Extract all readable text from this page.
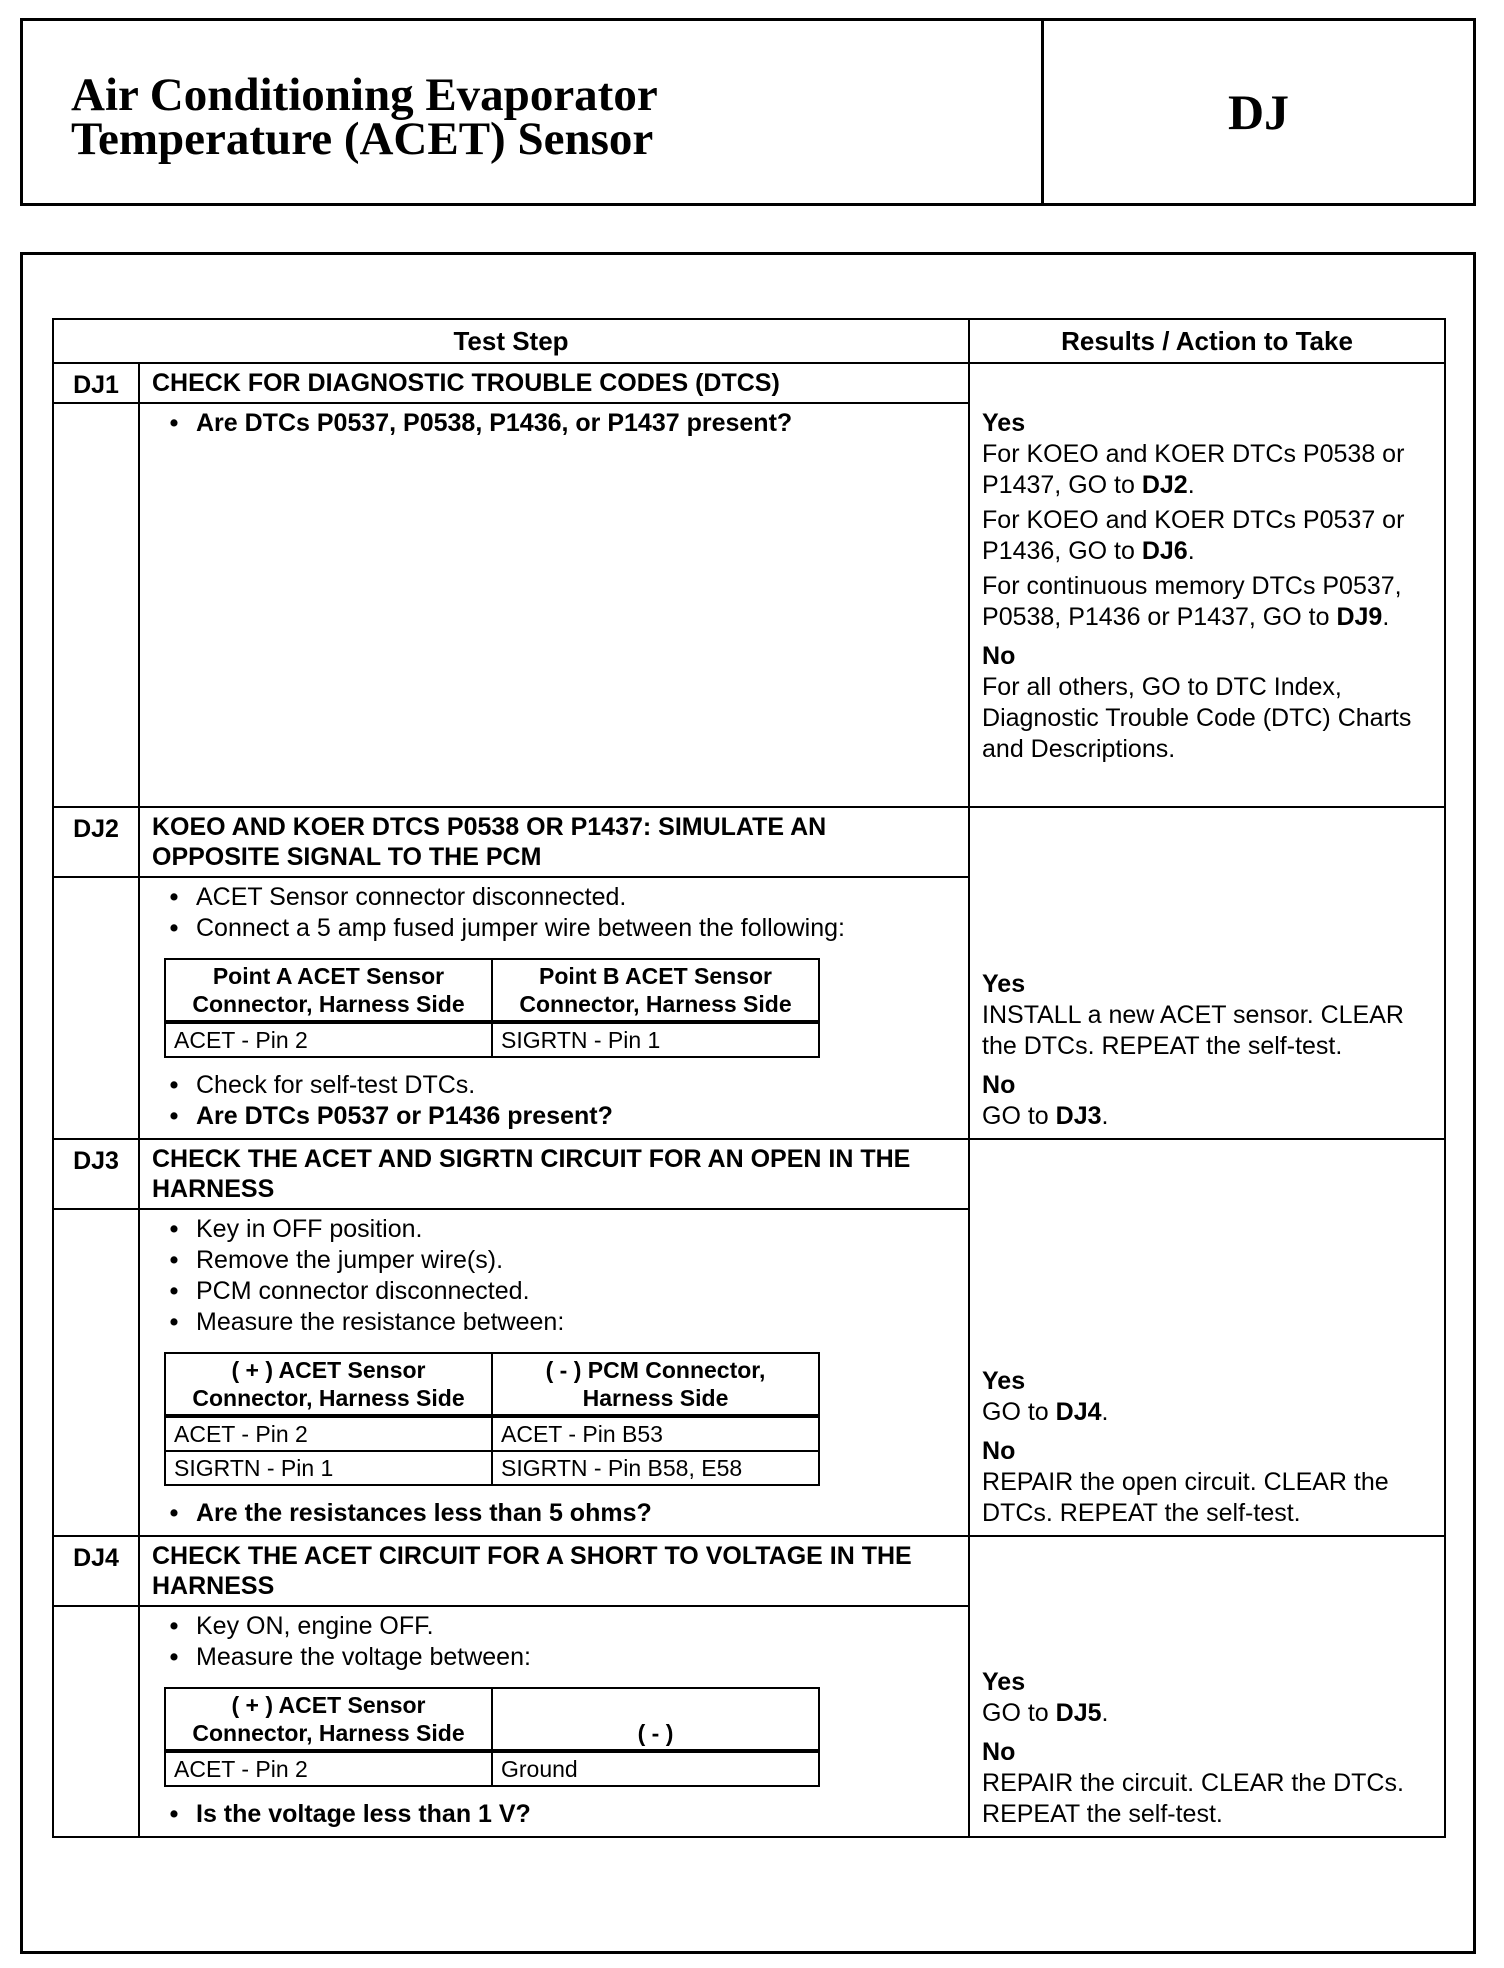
Air Conditioning Evaporator
Temperature (ACET) Sensor	DJ
Test Step	Results / Action to Take
DJ1	CHECK FOR DIAGNOSTIC TROUBLE CODES (DTCS)	
Yes
For KOEO and KOER DTCs P0538 or P1437, GO to DJ2.
For KOEO and KOER DTCs P0537 or P1436, GO to DJ6.
For continuous memory DTCs P0537, P0538, P1436 or P1437, GO to DJ9.
No
For all others, GO to DTC Index, Diagnostic Trouble Code (DTC) Charts and Descriptions.

• Are DTCs P0537, P0538, P1436, or P1437 present?

DJ2	KOEO AND KOER DTCS P0538 OR P1437: SIMULATE AN OPPOSITE SIGNAL TO THE PCM	
Yes
INSTALL a new ACET sensor. CLEAR the DTCs. REPEAT the self-test.
No
GO to DJ3.

• ACET Sensor connector disconnected.
• Connect a 5 amp fused jumper wire between the following:
Point A ACET Sensor Connector, Harness Side	Point B ACET Sensor Connector, Harness Side
ACET - Pin 2	SIGRTN - Pin 1
• Check for self-test DTCs.
• Are DTCs P0537 or P1436 present?

DJ3	CHECK THE ACET AND SIGRTN CIRCUIT FOR AN OPEN IN THE HARNESS	
Yes
GO to DJ4.
No
REPAIR the open circuit. CLEAR the DTCs. REPEAT the self-test.

• Key in OFF position.
• Remove the jumper wire(s).
• PCM connector disconnected.
• Measure the resistance between:
( + ) ACET Sensor Connector, Harness Side	( - ) PCM Connector, Harness Side
ACET - Pin 2	ACET - Pin B53
SIGRTN - Pin 1	SIGRTN - Pin B58, E58
• Are the resistances less than 5 ohms?

DJ4	CHECK THE ACET CIRCUIT FOR A SHORT TO VOLTAGE IN THE HARNESS	
Yes
GO to DJ5.
No
REPAIR the circuit. CLEAR the DTCs. REPEAT the self-test.

• Key ON, engine OFF.
• Measure the voltage between:
( + ) ACET Sensor Connector, Harness Side	( - )
ACET - Pin 2	Ground
• Is the voltage less than 1 V?
